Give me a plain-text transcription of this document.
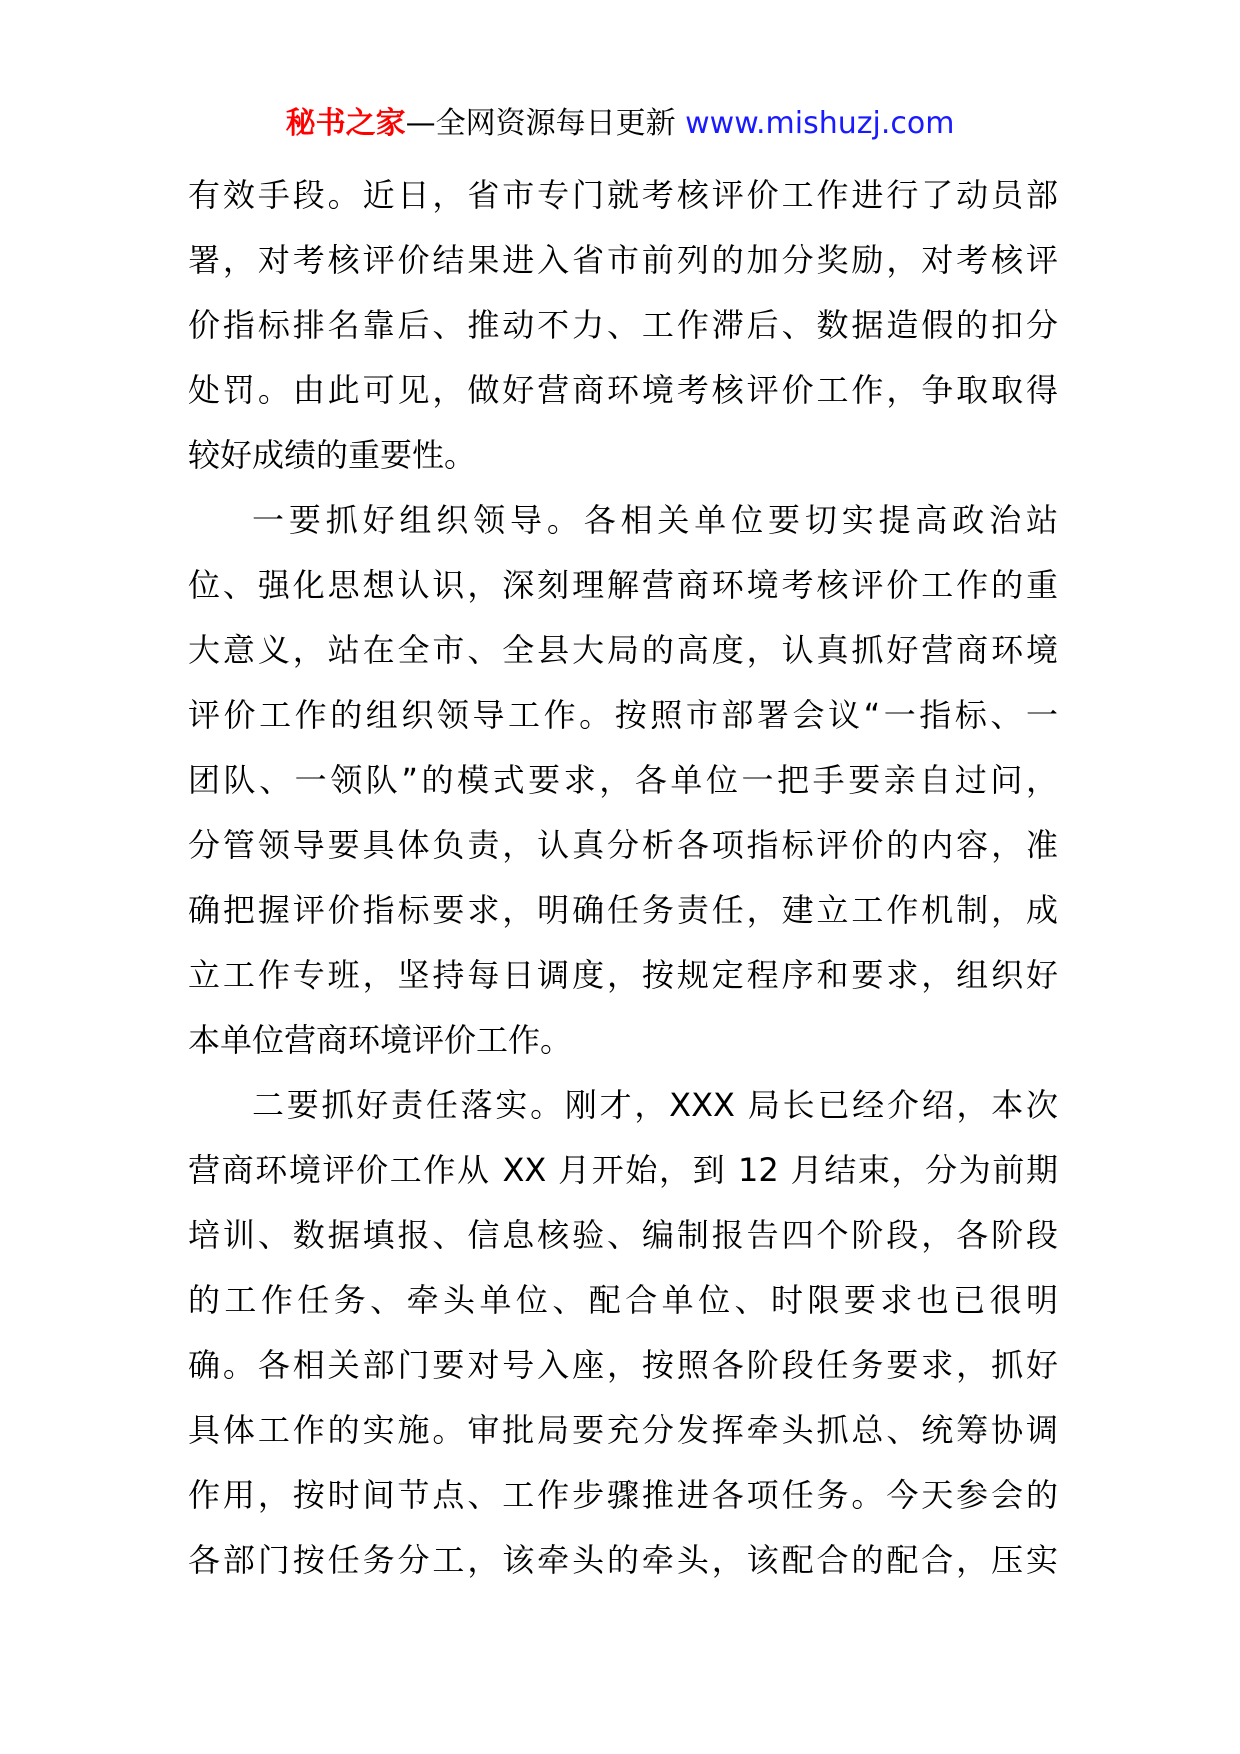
秘书之家—全网资源每日更新 www.mishuzj.com
有效手段。近日，省市专门就考核评价工作进行了动员部
署，对考核评价结果进入省市前列的加分奖励，对考核评
价指标排名靠后、推动不力、工作滞后、数据造假的扣分
处罚。由此可见，做好营商环境考核评价工作，争取取得
较好成绩的重要性。
一要抓好组织领导。各相关单位要切实提高政治站
位、强化思想认识，深刻理解营商环境考核评价工作的重
大意义，站在全市、全县大局的高度，认真抓好营商环境
评价工作的组织领导工作。按照市部署会议“一指标、一
团队、一领队”的模式要求，各单位一把手要亲自过问，
分管领导要具体负责，认真分析各项指标评价的内容，准
确把握评价指标要求，明确任务责任，建立工作机制，成
立工作专班，坚持每日调度，按规定程序和要求，组织好
本单位营商环境评价工作。
二要抓好责任落实。刚才，XXX 局长已经介绍，本次
营商环境评价工作从 XX 月开始，到 12 月结束，分为前期
培训、数据填报、信息核验、编制报告四个阶段，各阶段
的工作任务、牵头单位、配合单位、时限要求也已很明
确。各相关部门要对号入座，按照各阶段任务要求，抓好
具体工作的实施。审批局要充分发挥牵头抓总、统筹协调
作用，按时间节点、工作步骤推进各项任务。今天参会的
各部门按任务分工，该牵头的牵头，该配合的配合，压实
